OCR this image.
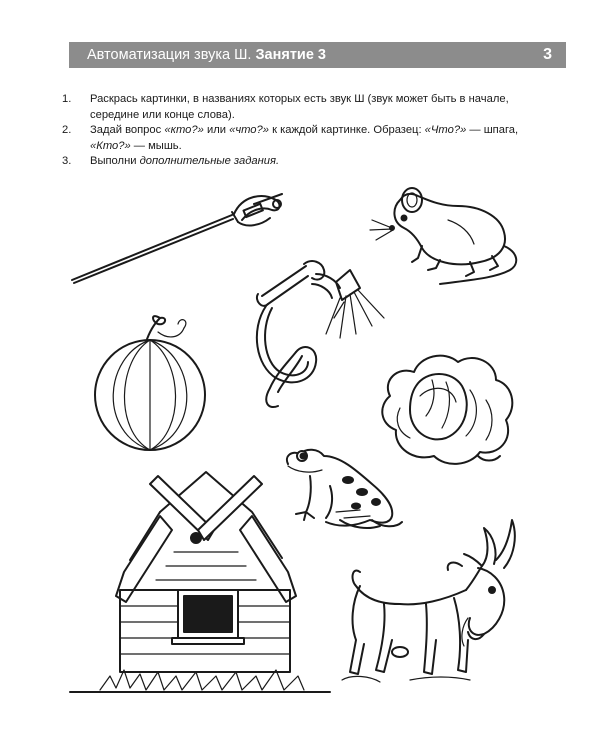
Автоматизация звука Ш. Занятие 3	3
1.	Раскрась картинки, в названиях которых есть звук Ш (звук может быть в начале, середине или конце слова).
2.	Задай вопрос «кто?» или «что?» к каждой картинке. Образец: «Что?» — шпага, «Кто?» — мышь.
3.	Выполни дополнительные задания.
